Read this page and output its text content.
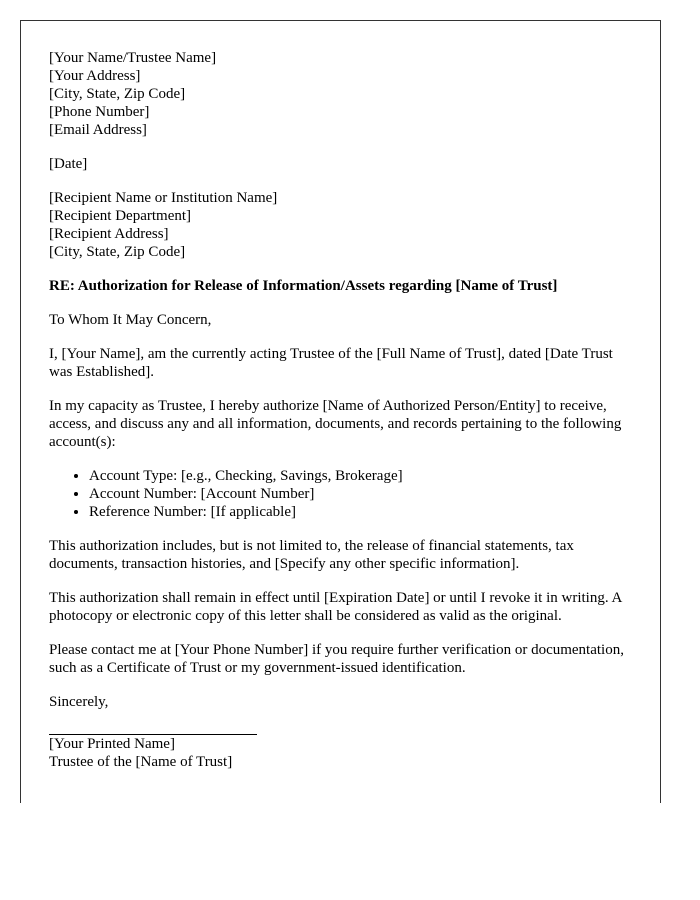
[Your Name/Trustee Name]
[Your Address]
[City, State, Zip Code]
[Phone Number]
[Email Address]

[Date]

[Recipient Name or Institution Name]
[Recipient Department]
[Recipient Address]
[City, State, Zip Code]

RE: Authorization for Release of Information/Assets regarding [Name of Trust]

To Whom It May Concern,

I, [Your Name], am the currently acting Trustee of the [Full Name of Trust], dated [Date Trust was Established].

In my capacity as Trustee, I hereby authorize [Name of Authorized Person/Entity] to receive, access, and discuss any and all information, documents, and records pertaining to the following account(s):

• Account Type: [e.g., Checking, Savings, Brokerage]
• Account Number: [Account Number]
• Reference Number: [If applicable]

This authorization includes, but is not limited to, the release of financial statements, tax documents, transaction histories, and [Specify any other specific information].

This authorization shall remain in effect until [Expiration Date] or until I revoke it in writing. A photocopy or electronic copy of this letter shall be considered as valid as the original.

Please contact me at [Your Phone Number] if you require further verification or documentation, such as a Certificate of Trust or my government-issued identification.

Sincerely,

[Your Printed Name]
Trustee of the [Name of Trust]
